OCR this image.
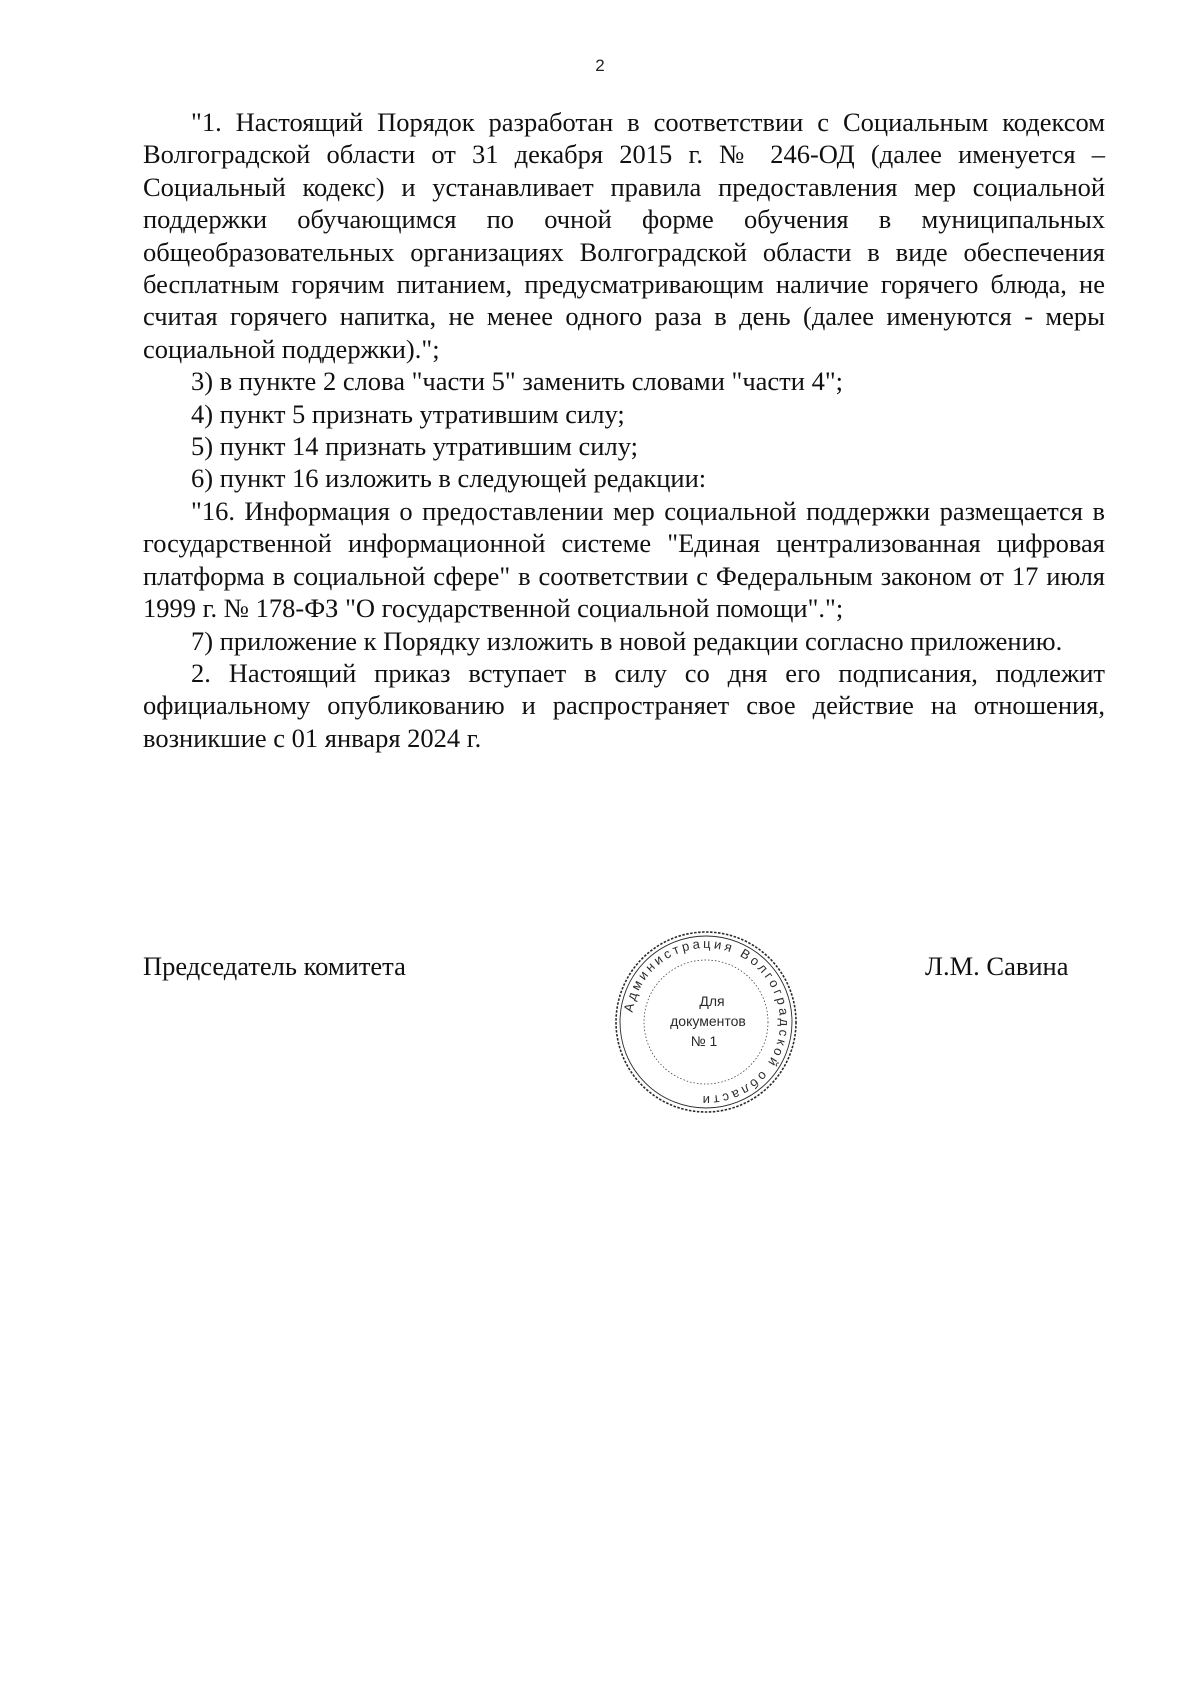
2

"1. Настоящий Порядок разработан в соответствии с Социальным кодексом Волгоградской области от 31 декабря 2015 г. № 246-ОД (далее именуется – Социальный кодекс) и устанавливает правила предоставления мер социальной поддержки обучающимся по очной форме обучения в муниципальных общеобразовательных организациях Волгоградской области в виде обеспечения бесплатным горячим питанием, предусматривающим наличие горячего блюда, не считая горячего напитка, не менее одного раза в день (далее именуются - меры социальной поддержки).";

3) в пункте 2 слова "части 5" заменить словами "части 4";

4) пункт 5 признать утратившим силу;

5) пункт 14 признать утратившим силу;

6) пункт 16 изложить в следующей редакции:

"16. Информация о предоставлении мер социальной поддержки размещается в государственной информационной системе "Единая централизованная цифровая платформа в социальной сфере" в соответствии с Федеральным законом от 17 июля 1999 г. № 178-ФЗ "О государственной социальной помощи".";

7) приложение к Порядку изложить в новой редакции согласно приложению.

2. Настоящий приказ вступает в силу со дня его подписания, подлежит официальному опубликованию и распространяет свое действие на отношения, возникшие с 01 января 2024 г.

Председатель комитета
Администрация Волгоградской области
Для
документов
№ 1
Л.М. Савина
